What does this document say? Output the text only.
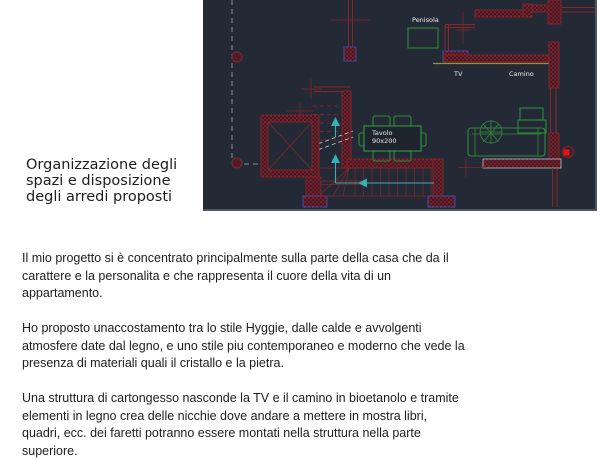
Penisola
TV	Camino
Tavolo
90x200
Organizzazione degli
spazi e disposizione
degli arredi proposti

Il mio progetto si è concentrato principalmente sulla parte della casa che da il
carattere e la personalita e che rappresenta il cuore della vita di un
appartamento.

Ho proposto unaccostamento tra lo stile Hyggie, dalle calde e avvolgenti
atmosfere date dal legno, e uno stile piu contemporaneo e moderno che vede la
presenza di materiali quali il cristallo e la pietra.

Una struttura di cartongesso nasconde la TV e il camino in bioetanolo e tramite
elementi in legno crea delle nicchie dove andare a mettere in mostra libri,
quadri, ecc. dei faretti potranno essere montati nella struttura nella parte
superiore.
